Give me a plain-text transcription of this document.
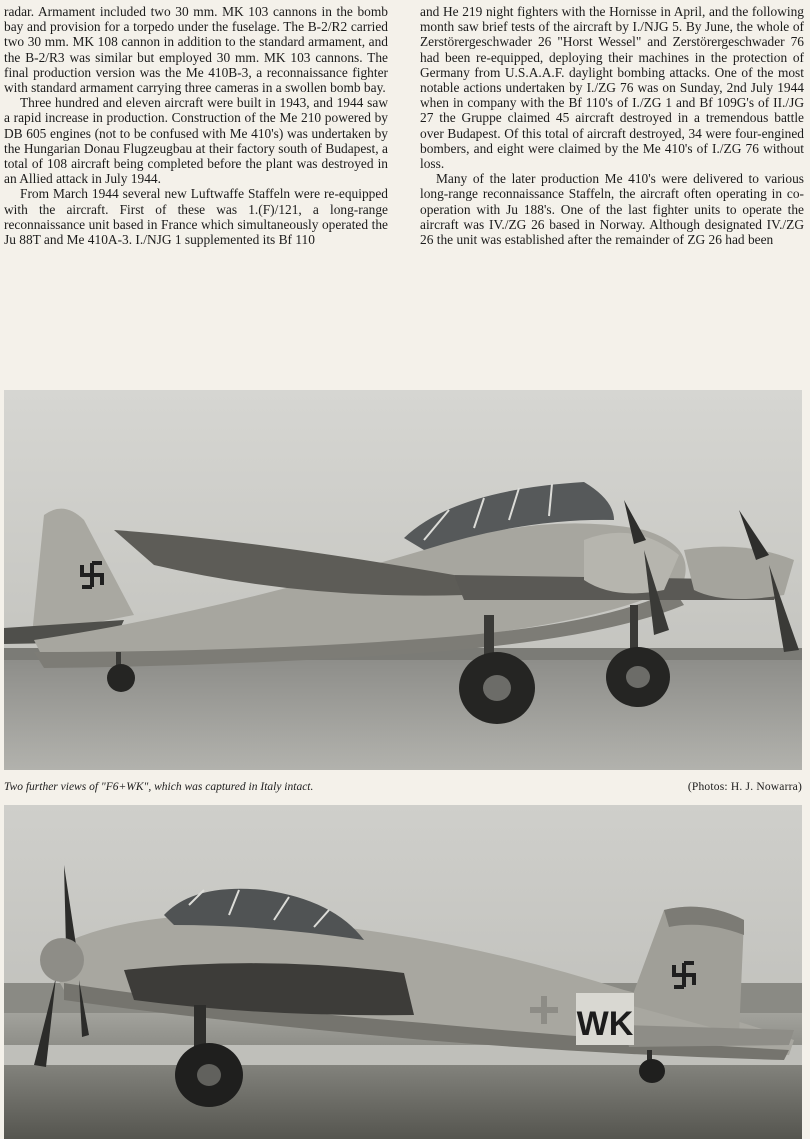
radar. Armament included two 30 mm. MK 103 cannons in the bomb bay and provision for a torpedo under the fuselage. The B-2/R2 carried two 30 mm. MK 108 cannon in addition to the standard armament, and the B-2/R3 was similar but employed 30 mm. MK 103 cannons. The final production version was the Me 410B-3, a reconnaissance fighter with standard armament carrying three cameras in a swollen bomb bay.

Three hundred and eleven aircraft were built in 1943, and 1944 saw a rapid increase in production. Construction of the Me 210 powered by DB 605 engines (not to be confused with Me 410's) was undertaken by the Hungarian Donau Flugzeugbau at their factory south of Budapest, a total of 108 aircraft being completed before the plant was destroyed in an Allied attack in July 1944.

From March 1944 several new Luftwaffe Staffeln were re-equipped with the aircraft. First of these was 1.(F)/121, a long-range reconnaissance unit based in France which simultaneously operated the Ju 88T and Me 410A-3. I./NJG 1 supplemented its Bf 110

and He 219 night fighters with the Hornisse in April, and the following month saw brief tests of the aircraft by I./NJG 5. By June, the whole of Zerstörergeschwader 26 "Horst Wessel" and Zerstörergeschwader 76 had been re-equipped, deploying their machines in the protection of Germany from U.S.A.A.F. daylight bombing attacks. One of the most notable actions undertaken by I./ZG 76 was on Sunday, 2nd July 1944 when in company with the Bf 110's of I./ZG 1 and Bf 109G's of II./JG 27 the Gruppe claimed 45 aircraft destroyed in a tremendous battle over Budapest. Of this total of aircraft destroyed, 34 were four-engined bombers, and eight were claimed by the Me 410's of I./ZG 76 without loss.

Many of the later production Me 410's were delivered to various long-range reconnaissance Staffeln, the aircraft often operating in co-operation with Ju 188's. One of the last fighter units to operate the aircraft was IV./ZG 26 based in Norway. Although designated IV./ZG 26 the unit was established after the remainder of ZG 26 had been

Two further views of "F6+WK", which was captured in Italy intact.	(Photos: H. J. Nowarra)
WK
